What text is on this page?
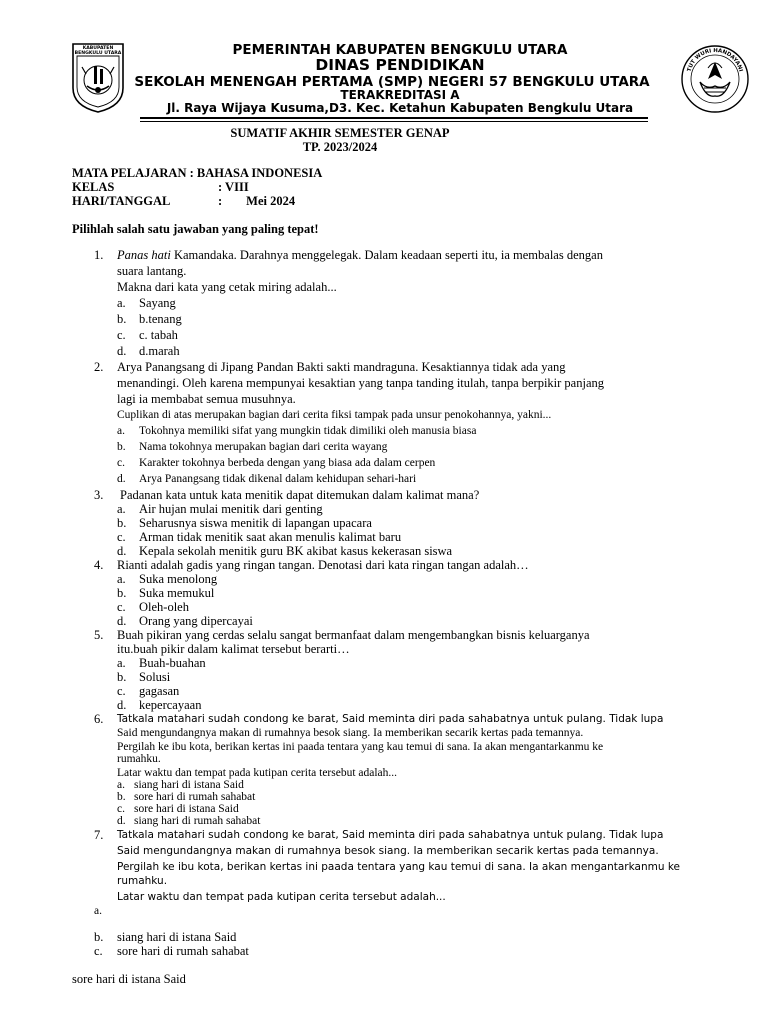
KABUPATEN
BENGKULU UTARA
TUT WURI HANDAYANI
PEMERINTAH KABUPATEN BENGKULU UTARA
DINAS PENDIDIKAN
SEKOLAH MENENGAH PERTAMA (SMP) NEGERI 57 BENGKULU UTARA
TERAKREDITASI A
Jl. Raya Wijaya Kusuma,D3. Kec. Ketahun Kabupaten Bengkulu Utara
SUMATIF AKHIR SEMESTER GENAP
TP. 2023/2024
MATA PELAJARAN : BAHASA INDONESIA
KELAS	: VIII
HARI/TANGGAL	: Mei 2024
Pilihlah salah satu jawaban yang paling tepat!
1. Panas hati Kamandaka. Darahnya menggelegak. Dalam keadaan seperti itu, ia membalas dengan
suara lantang.
Makna dari kata yang cetak miring adalah...
a. Sayang
b. b.tenang
c. c. tabah
d. d.marah
2. Arya Panangsang di Jipang Pandan Bakti sakti mandraguna. Kesaktiannya tidak ada yang
menandingi. Oleh karena mempunyai kesaktian yang tanpa tanding itulah, tanpa berpikir panjang
lagi ia membabat semua musuhnya.
Cuplikan di atas merupakan bagian dari cerita fiksi tampak pada unsur penokohannya, yakni...
a. Tokohnya memiliki sifat yang mungkin tidak dimiliki oleh manusia biasa
b. Nama tokohnya merupakan bagian dari cerita wayang
c. Karakter tokohnya berbeda dengan yang biasa ada dalam cerpen
d. Arya Panangsang tidak dikenal dalam kehidupan sehari-hari
3. Padanan kata untuk kata menitik dapat ditemukan dalam kalimat mana?
a. Air hujan mulai menitik dari genting
b. Seharusnya siswa menitik di lapangan upacara
c. Arman tidak menitik saat akan menulis kalimat baru
d. Kepala sekolah menitik guru BK akibat kasus kekerasan siswa
4. Rianti adalah gadis yang ringan tangan. Denotasi dari kata ringan tangan adalah…
a. Suka menolong
b. Suka memukul
c. Oleh-oleh
d. Orang yang dipercayai
5. Buah pikiran yang cerdas selalu sangat bermanfaat dalam mengembangkan bisnis keluarganya
itu.buah pikir dalam kalimat tersebut berarti…
a. Buah-buahan
b. Solusi
c. gagasan
d. kepercayaan
6. Tatkala matahari sudah condong ke barat, Said meminta diri pada sahabatnya untuk pulang. Tidak lupa
Said mengundangnya makan di rumahnya besok siang. Ia memberikan secarik kertas pada temannya.
Pergilah ke ibu kota, berikan kertas ini paada tentara yang kau temui di sana. Ia akan mengantarkanmu ke
rumahku.
Latar waktu dan tempat pada kutipan cerita tersebut adalah...
a. siang hari di istana Said
b. sore hari di rumah sahabat
c. sore hari di istana Said
d. siang hari di rumah sahabat
7. Tatkala matahari sudah condong ke barat, Said meminta diri pada sahabatnya untuk pulang. Tidak lupa
Said mengundangnya makan di rumahnya besok siang. Ia memberikan secarik kertas pada temannya.
Pergilah ke ibu kota, berikan kertas ini paada tentara yang kau temui di sana. Ia akan mengantarkanmu ke
rumahku.
Latar waktu dan tempat pada kutipan cerita tersebut adalah...
a.
b. siang hari di istana Said
c. sore hari di rumah sahabat
sore hari di istana Said
